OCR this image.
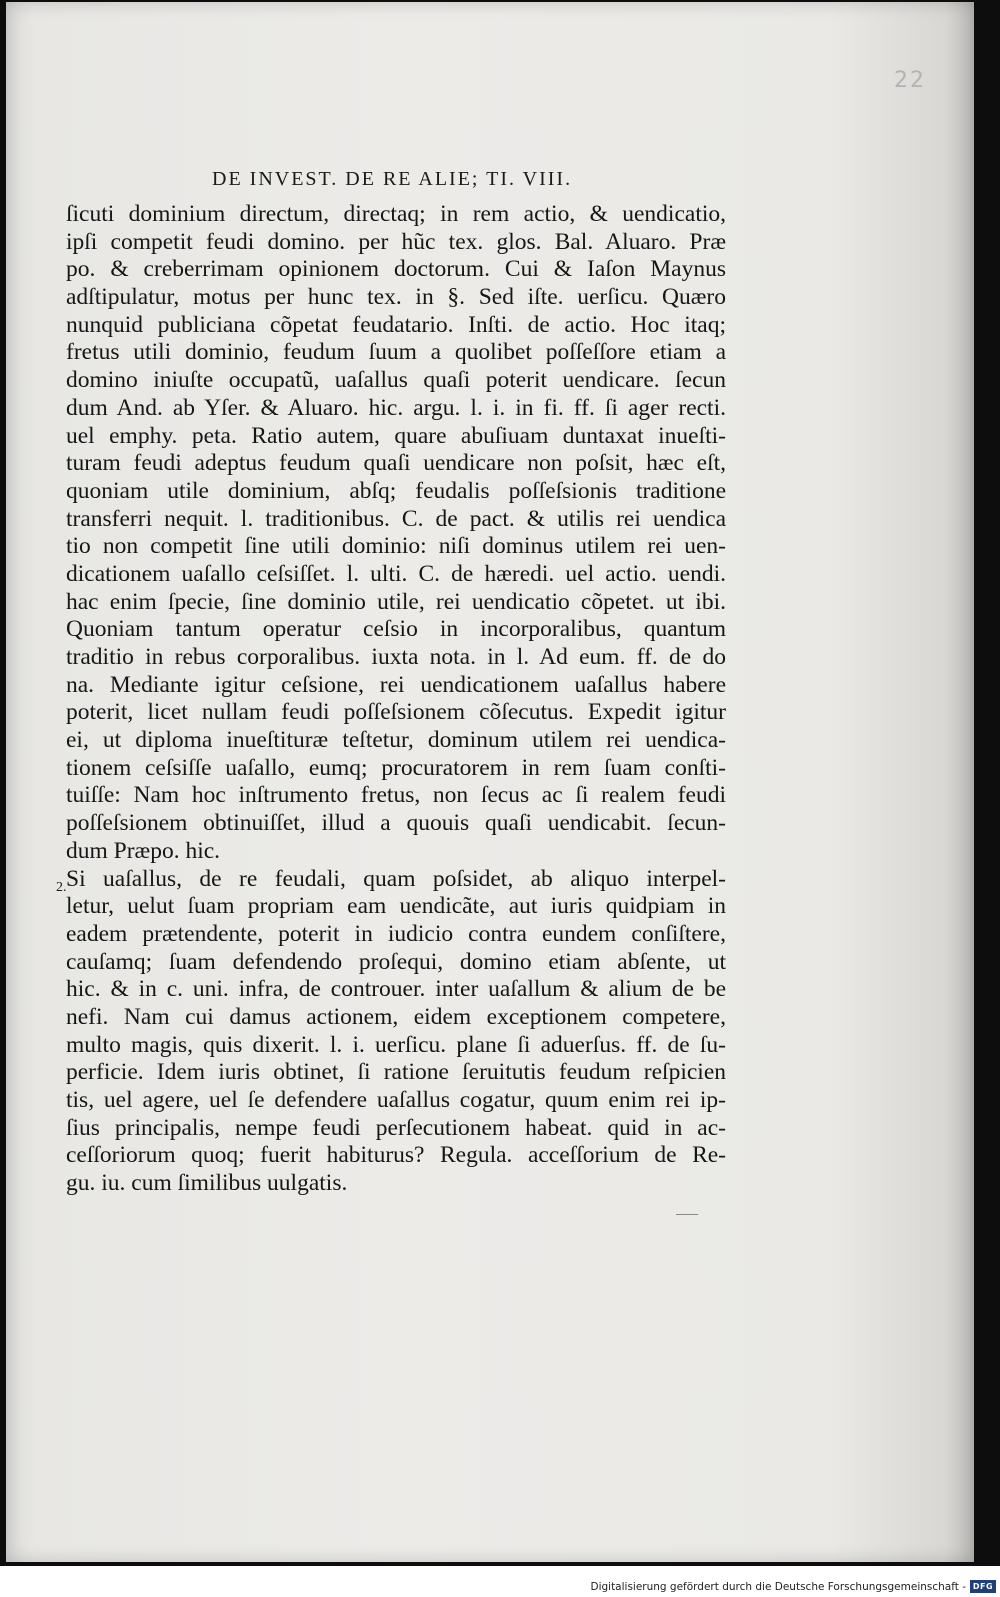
22
DE INVEST. DE RE ALIE; TI. VIII.
ſicuti dominium directum, directaq; in rem actio, & uendicatio,
ipſi competit feudi domino. per hũc tex. glos. Bal. Aluaro. Præ
po. & creberrimam opinionem doctorum. Cui & Iaſon Maynus
adſtipulatur, motus per hunc tex. in §. Sed iſte. uerſicu. Quæro
nunquid publiciana cõpetat feudatario. Inſti. de actio. Hoc itaq;
fretus utili dominio, feudum ſuum a quolibet poſſeſſore etiam a
domino iniuſte occupatũ, uaſallus quaſi poterit uendicare. ſecun
dum And. ab Yſer. & Aluaro. hic. argu. l. i. in fi. ff. ſi ager recti.
uel emphy. peta. Ratio autem, quare abuſiuam duntaxat inueſti-
turam feudi adeptus feudum quaſi uendicare non poſsit, hæc eſt,
quoniam utile dominium, abſq; feudalis poſſeſsionis traditione
transferri nequit. l. traditionibus. C. de pact. & utilis rei uendica
tio non competit ſine utili dominio: niſi dominus utilem rei uen-
dicationem uaſallo ceſsiſſet. l. ulti. C. de hæredi. uel actio. uendi.
hac enim ſpecie, ſine dominio utile, rei uendicatio cõpetet. ut ibi.
Quoniam tantum operatur ceſsio in incorporalibus, quantum
traditio in rebus corporalibus. iuxta nota. in l. Ad eum. ff. de do
na. Mediante igitur ceſsione, rei uendicationem uaſallus habere
poterit, licet nullam feudi poſſeſsionem cõſecutus. Expedit igitur
ei, ut diploma inueſtituræ teſtetur, dominum utilem rei uendica-
tionem ceſsiſſe uaſallo, eumq; procuratorem in rem ſuam conſti-
tuiſſe: Nam hoc inſtrumento fretus, non ſecus ac ſi realem feudi
poſſeſsionem obtinuiſſet, illud a quouis quaſi uendicabit. ſecun-
dum Præpo. hic.
Si uaſallus, de re feudali, quam poſsidet, ab aliquo interpel-
letur, uelut ſuam propriam eam uendicãte, aut iuris quidpiam in
eadem prætendente, poterit in iudicio contra eundem conſiſtere,
cauſamq; ſuam defendendo proſequi, domino etiam abſente, ut
hic. & in c. uni. infra, de controuer. inter uaſallum & alium de be
nefi. Nam cui damus actionem, eidem exceptionem competere,
multo magis, quis dixerit. l. i. uerſicu. plane ſi aduerſus. ff. de ſu-
perficie. Idem iuris obtinet, ſi ratione ſeruitutis feudum reſpicien
tis, uel agere, uel ſe defendere uaſallus cogatur, quum enim rei ip-
ſius principalis, nempe feudi perſecutionem habeat. quid in ac-
ceſſoriorum quoq; fuerit habiturus? Regula. acceſſorium de Re-
gu. iu. cum ſimilibus uulgatis.
2.
Digitalisierung gefördert durch die Deutsche Forschungsgemeinschaft - DFG
